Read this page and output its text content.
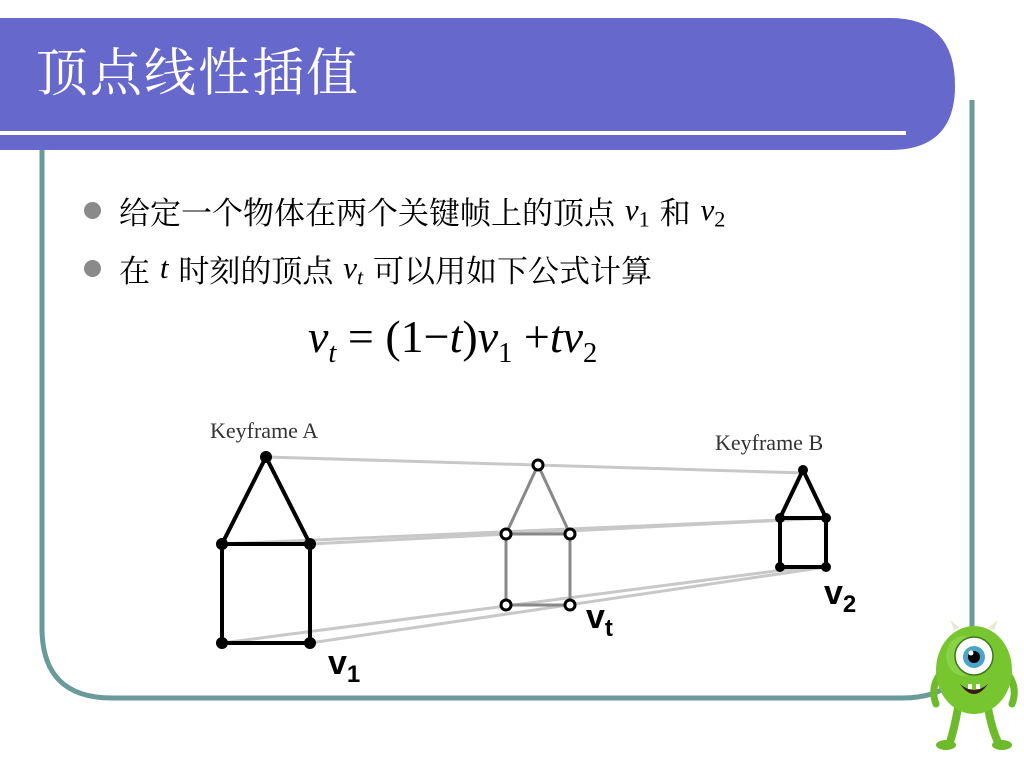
顶点线性插值
给定一个物体在两个关键帧上的顶点
$v_1$
和
$v_2$
在
t
时刻的顶点
$v_t$
可以用如下公式计算
$v_t = (1-t)v_1 +tv_2$
Keyframe A	Keyframe B
v1
vt
v2
